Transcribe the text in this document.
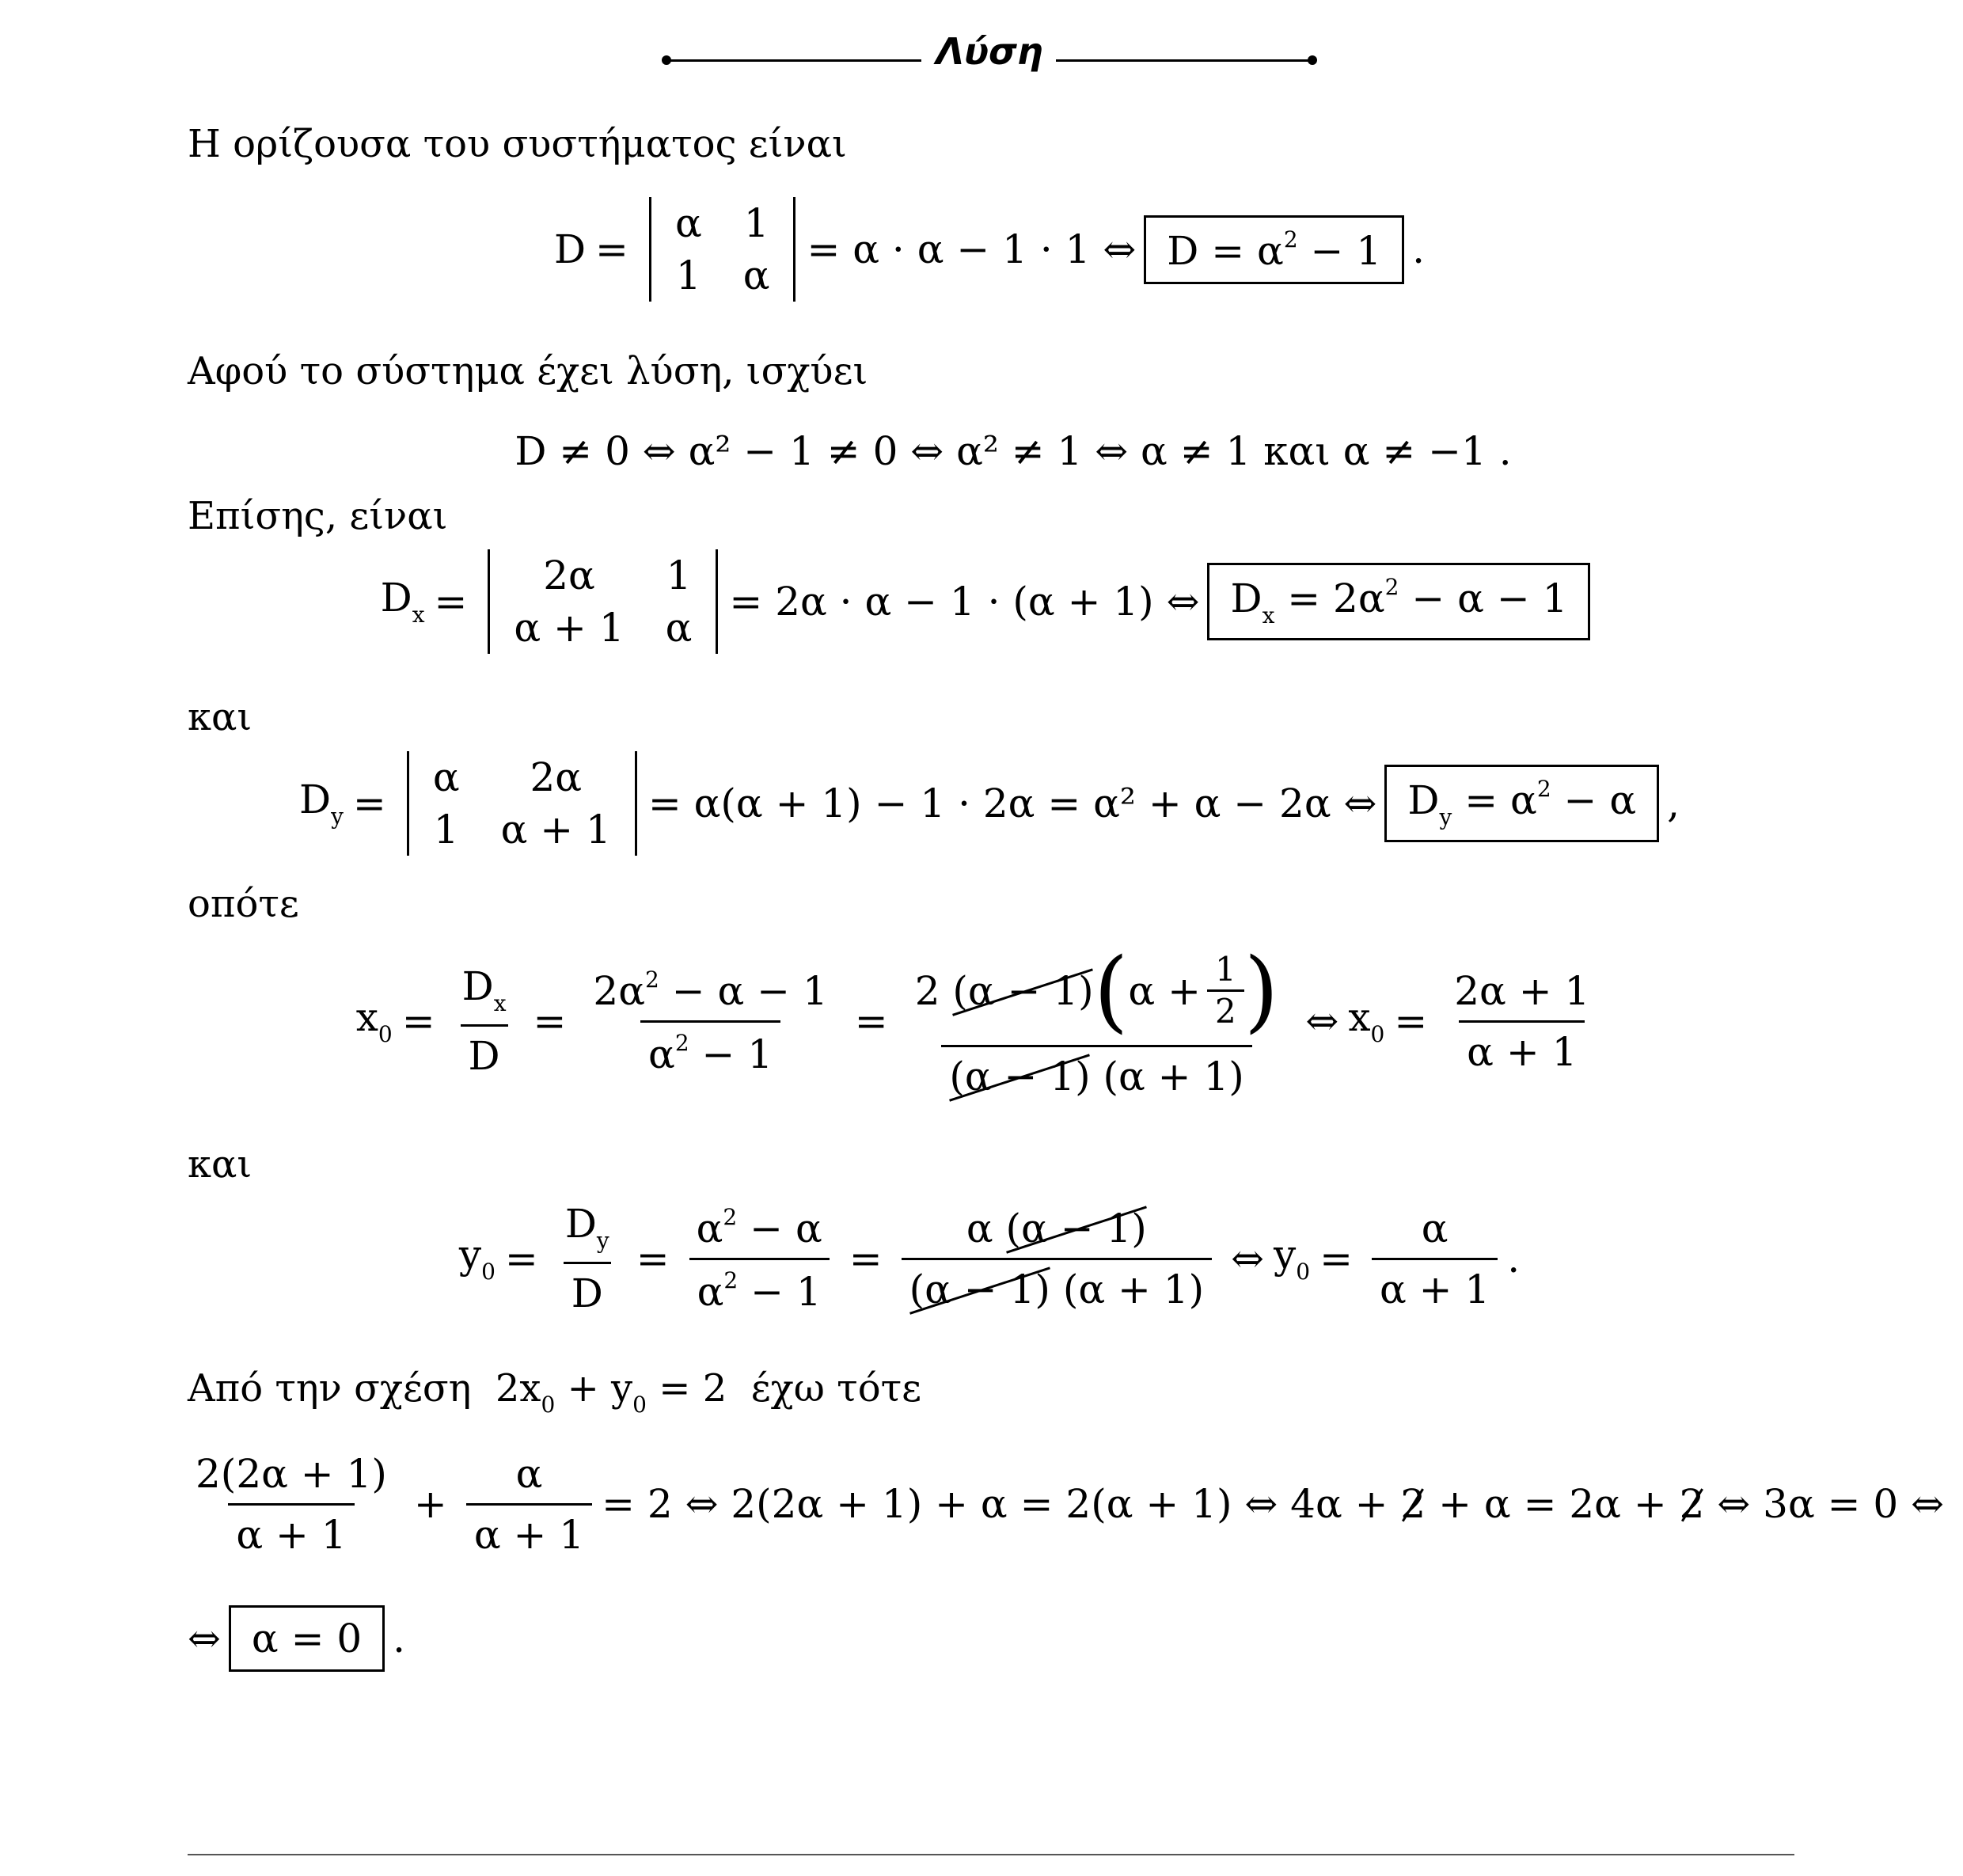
Λύση
Η ορίζουσα του συστήματος είναι
D =
α 1
1 α
= α · α − 1 · 1 ⇔ $D = \alpha^2 - 1$ .
Αφού το σύστημα έχει λύση, ισχύει
D ≠ 0 ⇔ α² − 1 ≠ 0 ⇔ α² ≠ 1 ⇔ α ≠ 1 και α ≠ −1 .
Επίσης, είναι
$D_x$ =
2α	1
α + 1 α
= 2α · α − 1 · (α + 1) ⇔ $D_x = 2\alpha^2 - \alpha - 1$
και
$D_y$ =
α	2α
1 α + 1
= α(α + 1) − 1 · 2α = α² + α − 2α ⇔ $D_y = \alpha^2 - \alpha$ ,
οπότε
$x_0 = \frac{D_x}{D} = \frac{2\alpha^2 - \alpha - 1}{\alpha^2 - 1} = 2$
(α − 1) ( α
+ $\frac{1}{2}$ )
(α − 1) (α + 1) ⇔ $x_0 = \frac{2\alpha + 1}{\alpha + 1}$
και
$y_0 = \frac{D_y}{D} = \frac{\alpha^2 - \alpha}{\alpha^2 - 1} = \frac{\alpha (\alpha - 1)}{(\alpha - 1) (\alpha + 1)}$ ⇔ $y_0 = \frac{\alpha}{\alpha + 1}$ .
Από την σχέση
$2x_0 + y_0 = 2$
έχω τότε
$\frac{2(2\alpha + 1)}{\alpha + 1} + \frac{\alpha}{\alpha + 1} = 2$ ⇔ 2(2α + 1) + α = 2(α + 1) ⇔ 4α +
2
+ α = 2α +
2
⇔ 3α = 0 ⇔
⇔ α = 0 .
